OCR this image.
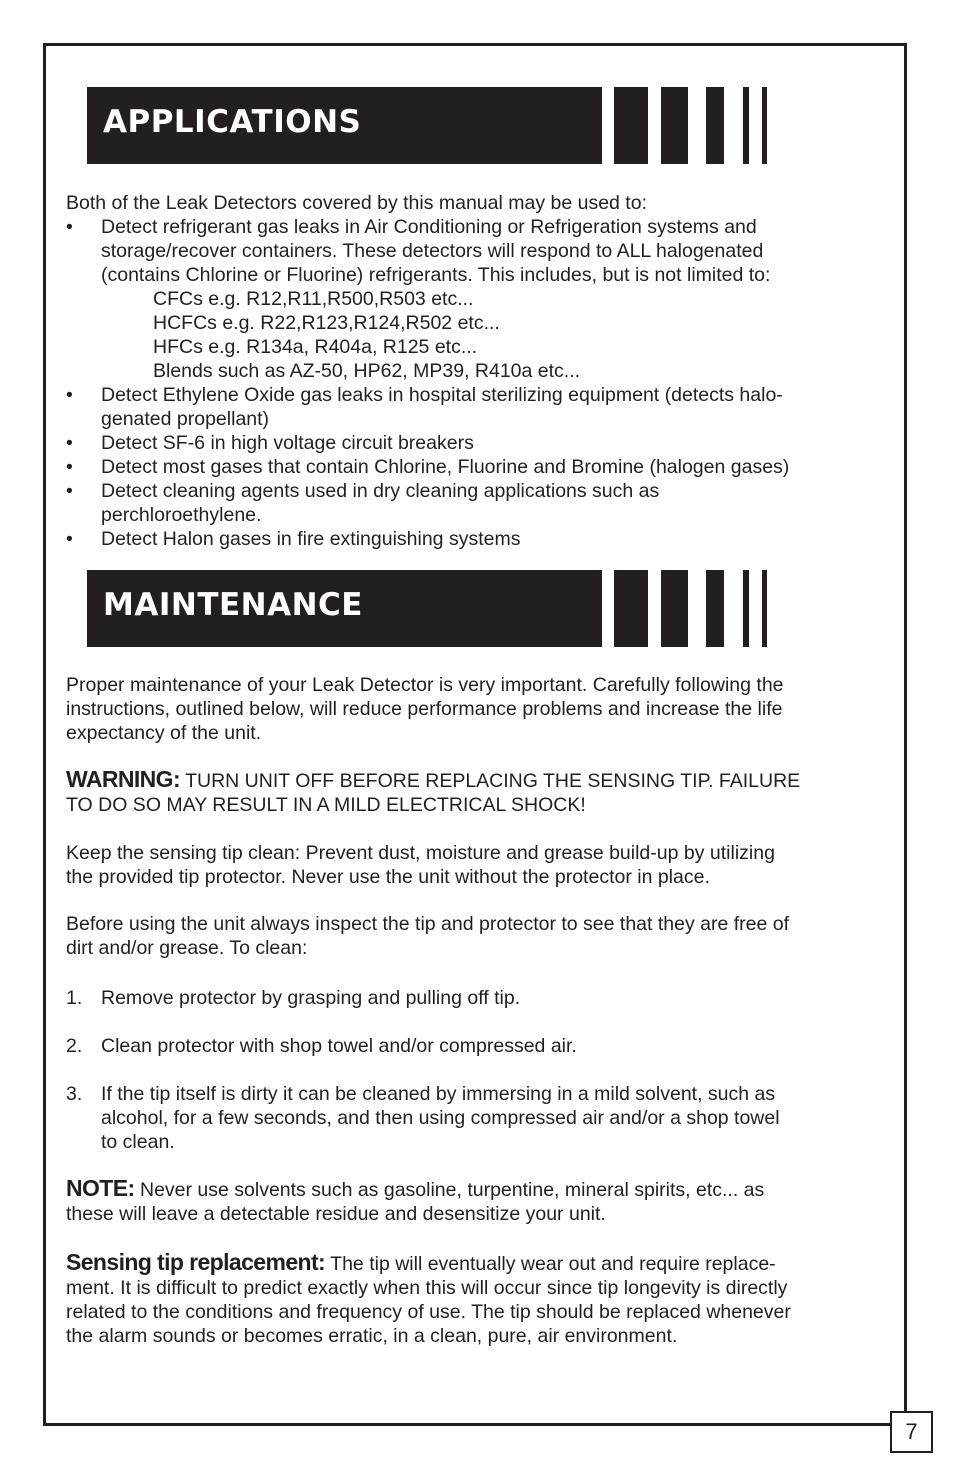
APPLICATIONS
Both of the Leak Detectors covered by this manual may be used to:
• Detect refrigerant gas leaks in Air Conditioning or Refrigeration systems and
storage/recover containers. These detectors will respond to ALL halogenated
(contains Chlorine or Fluorine) refrigerants. This includes, but is not limited to:
CFCs e.g. R12,R11,R500,R503 etc...
HCFCs e.g. R22,R123,R124,R502 etc...
HFCs e.g. R134a, R404a, R125 etc...
Blends such as AZ-50, HP62, MP39, R410a etc...
• Detect Ethylene Oxide gas leaks in hospital sterilizing equipment (detects halo-
genated propellant)
• Detect SF-6 in high voltage circuit breakers
• Detect most gases that contain Chlorine, Fluorine and Bromine (halogen gases)
• Detect cleaning agents used in dry cleaning applications such as
perchloroethylene.
• Detect Halon gases in fire extinguishing systems
MAINTENANCE
Proper maintenance of your Leak Detector is very important. Carefully following the
instructions, outlined below, will reduce performance problems and increase the life
expectancy of the unit.
WARNING: TURN UNIT OFF BEFORE REPLACING THE SENSING TIP. FAILURE
TO DO SO MAY RESULT IN A MILD ELECTRICAL SHOCK!
Keep the sensing tip clean: Prevent dust, moisture and grease build-up by utilizing
the provided tip protector. Never use the unit without the protector in place.
Before using the unit always inspect the tip and protector to see that they are free of
dirt and/or grease. To clean:
1. Remove protector by grasping and pulling off tip.
2. Clean protector with shop towel and/or compressed air.
3. If the tip itself is dirty it can be cleaned by immersing in a mild solvent, such as
alcohol, for a few seconds, and then using compressed air and/or a shop towel
to clean.
NOTE: Never use solvents such as gasoline, turpentine, mineral spirits, etc... as
these will leave a detectable residue and desensitize your unit.
Sensing tip replacement: The tip will eventually wear out and require replace-
ment. It is difficult to predict exactly when this will occur since tip longevity is directly
related to the conditions and frequency of use. The tip should be replaced whenever
the alarm sounds or becomes erratic, in a clean, pure, air environment.
7
